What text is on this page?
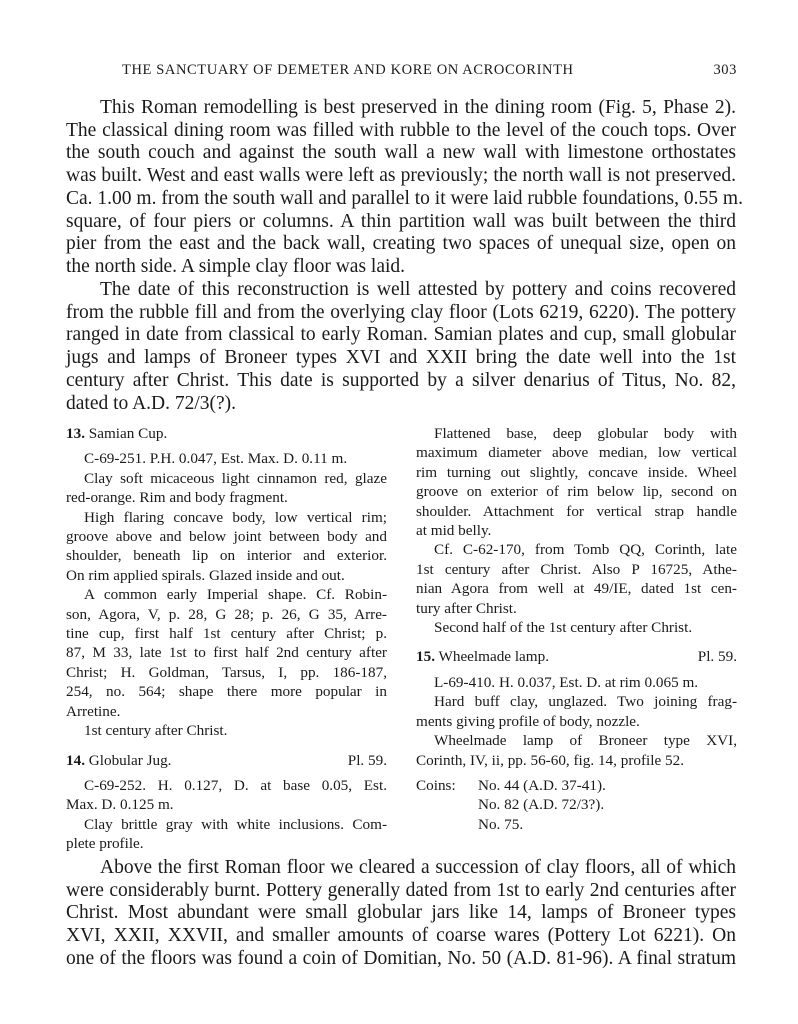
THE SANCTUARY OF DEMETER AND KORE ON ACROCORINTH	303
This Roman remodelling is best preserved in the dining room (Fig. 5, Phase 2).
The classical dining room was filled with rubble to the level of the couch tops. Over
the south couch and against the south wall a new wall with limestone orthostates
was built. West and east walls were left as previously; the north wall is not preserved.
Ca. 1.00 m. from the south wall and parallel to it were laid rubble foundations, 0.55 m.
square, of four piers or columns. A thin partition wall was built between the third
pier from the east and the back wall, creating two spaces of unequal size, open on
the north side. A simple clay floor was laid.
The date of this reconstruction is well attested by pottery and coins recovered
from the rubble fill and from the overlying clay floor (Lots 6219, 6220). The pottery
ranged in date from classical to early Roman. Samian plates and cup, small globular
jugs and lamps of Broneer types XVI and XXII bring the date well into the 1st
century after Christ. This date is supported by a silver denarius of Titus, No. 82,
dated to A.D. 72/3(?).
13. Samian Cup.

C-69-251. P.H. 0.047, Est. Max. D. 0.11 m.

Clay soft micaceous light cinnamon red, glaze
red-orange. Rim and body fragment.
High flaring concave body, low vertical rim;
groove above and below joint between body and
shoulder, beneath lip on interior and exterior.
On rim applied spirals. Glazed inside and out.
A common early Imperial shape. Cf. Robin-
son, Agora, V, p. 28, G 28; p. 26, G 35, Arre-
tine cup, first half 1st century after Christ; p.
87, M 33, late 1st to first half 2nd century after
Christ; H. Goldman, Tarsus, I, pp. 186-187,
254, no. 564; shape there more popular in
Arretine.

1st century after Christ.

14. Globular Jug.	Pl. 59.
C-69-252. H. 0.127, D. at base 0.05, Est.
Max. D. 0.125 m.
Clay brittle gray with white inclusions. Com-
plete profile.
Flattened base, deep globular body with
maximum diameter above median, low vertical
rim turning out slightly, concave inside. Wheel
groove on exterior of rim below lip, second on
shoulder. Attachment for vertical strap handle
at mid belly.
Cf. C-62-170, from Tomb QQ, Corinth, late
1st century after Christ. Also P 16725, Athe-
nian Agora from well at 49/IE, dated 1st cen-
tury after Christ.

Second half of the 1st century after Christ.

15. Wheelmade lamp.	Pl. 59.

L-69-410. H. 0.037, Est. D. at rim 0.065 m.

Hard buff clay, unglazed. Two joining frag-
ments giving profile of body, nozzle.
Wheelmade lamp of Broneer type XVI,
Corinth, IV, ii, pp. 56-60, fig. 14, profile 52.
Coins:	No. 44 (A.D. 37-41).
No. 82 (A.D. 72/3?).
No. 75.
Above the first Roman floor we cleared a succession of clay floors, all of which
were considerably burnt. Pottery generally dated from 1st to early 2nd centuries after
Christ. Most abundant were small globular jars like 14, lamps of Broneer types
XVI, XXII, XXVII, and smaller amounts of coarse wares (Pottery Lot 6221). On
one of the floors was found a coin of Domitian, No. 50 (A.D. 81-96). A final stratum
